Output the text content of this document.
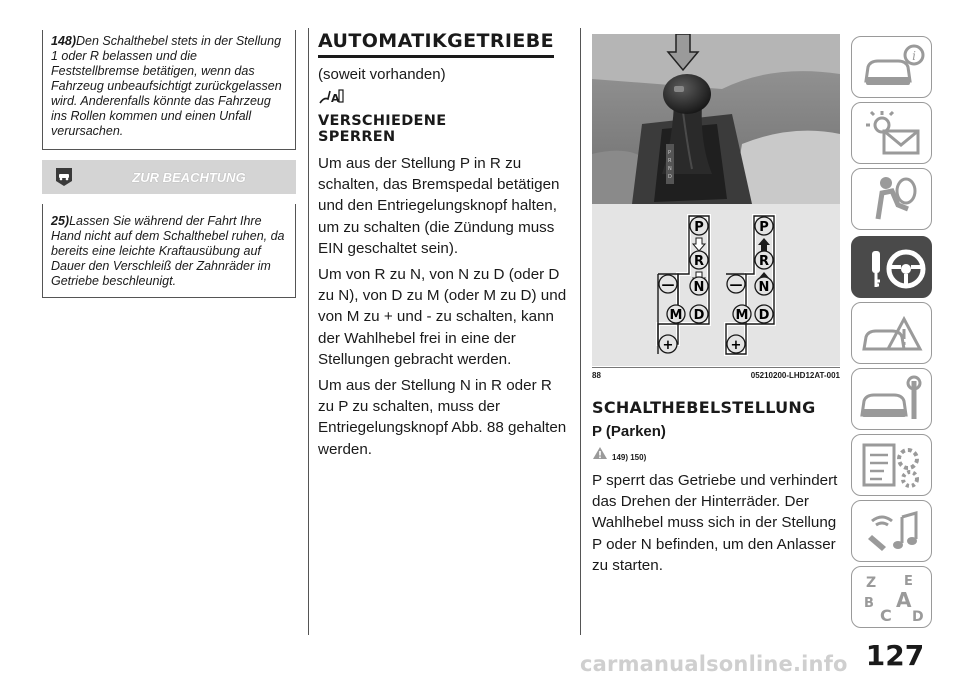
148)Den Schalthebel stets in der Stellung 1 oder R belassen und die Feststellbremse betätigen, wenn das Fahrzeug unbeaufsichtigt zurückgelassen wird. Anderenfalls könnte das Fahrzeug ins Rollen kommen und einen Unfall verursachen.
ZUR BEACHTUNG
25)Lassen Sie während der Fahrt Ihre Hand nicht auf dem Schalthebel ruhen, da bereits eine leichte Kraftausübung auf Dauer den Verschleiß der Zahnräder im Getriebe beschleunigt.
AUTOMATIKGETRIEBE
(soweit vorhanden)
A
VERSCHIEDENE
SPERREN

Um aus der Stellung P in R zu schalten, das Bremspedal betätigen und den Entriegelungsknopf halten, um zu schalten (die Zündung muss EIN geschaltet sein).

Um von R zu N, von N zu D (oder D zu N), von D zu M (oder M zu D) und von M zu + und - zu schalten, kann der Wahlhebel frei in eine der Stellungen gebracht werden.

Um aus der Stellung N in R oder R zu P zu schalten, muss der Entriegelungsknopf Abb. 88 gehalten werden.

P
R
N
D
P
R
N
D
M
—
+
P
R
N
D
M
—
+
88	05210200-LHD12AT-001
SCHALTHEBELSTELLUNG
P (Parken)
149) 150)

P sperrt das Getriebe und verhindert das Drehen der Hinterräder. Der Wahlhebel muss sich in der Stellung P oder N befinden, um den Anlasser zu starten.

i
Z E
B A
C D
127
carmanualsonline.info
